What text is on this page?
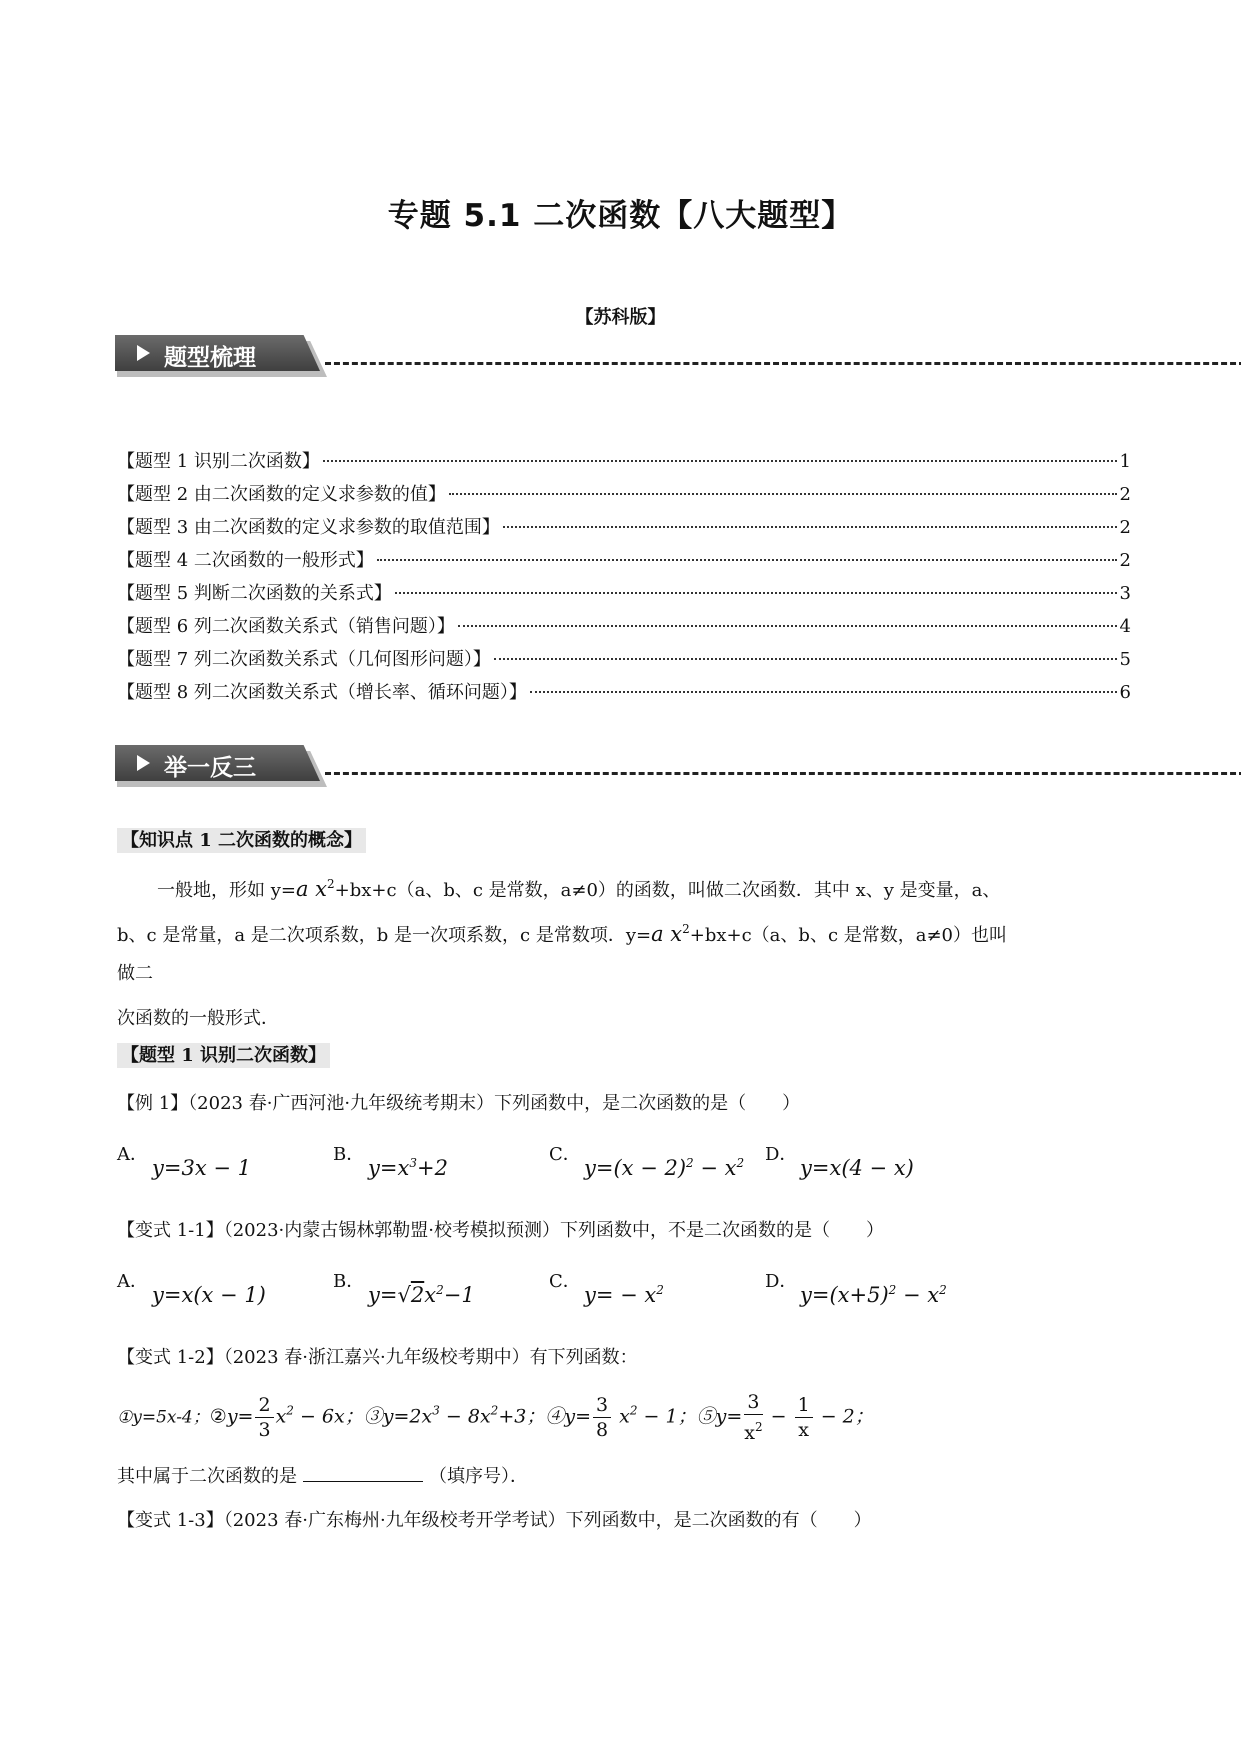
专题 5.1 二次函数【八大题型】
【苏科版】
题型梳理
【题型 1 识别二次函数】	1
【题型 2 由二次函数的定义求参数的值】	2
【题型 3 由二次函数的定义求参数的取值范围】	2
【题型 4 二次函数的一般形式】	2
【题型 5 判断二次函数的关系式】	3
【题型 6 列二次函数关系式（销售问题）】	4
【题型 7 列二次函数关系式（几何图形问题）】	5
【题型 8 列二次函数关系式（增长率、循环问题）】	6
举一反三
【知识点 1 二次函数的概念】
一般地，形如 y=a $x^2+bx+c(a$、b、c 是常数，a≠0）的函数，叫做二次函数．其中 x、y 是变量，a、
b、c 是常量，a 是二次项系数，b 是一次项系数，c 是常数项．y=a $x^2+bx+c(a$、b、c 是常数，a≠0）也叫
做二
次函数的一般形式．
【题型 1 识别二次函数】
【例 1】（2023 春·广西河池·九年级统考期末）下列函数中，是二次函数的是（　　）
A．
y=3x − 1
B．
$y=x^3+2$
C．
$y=(x - 2)^2 - x^2$ D．
y=x(4 − x)
【变式 1-1】（2023·内蒙古锡林郭勒盟·校考模拟预测）下列函数中，不是二次函数的是（　　）
A．
y=x(x − 1)
B．
$y=√2x^2-1$
C．
$y= - x^2$	D．
$y=(x+5)^2 - x^2$
【变式 1-2】（2023 春·浙江嘉兴·九年级校考期中）有下列函数：
①y=5x-4；②y= $\frac{2}{3} x^2 - 6x$；$③y=2x^3 - 8x^2+3$；④y= $\frac{3}{8} x^2 - 1$；⑤y= $\frac{3}{x^2} - \frac{1}{x} - 2$；
其中属于二次函数的是	（填序号）．
【变式 1-3】（2023 春·广东梅州·九年级校考开学考试）下列函数中，是二次函数的有（　　）
